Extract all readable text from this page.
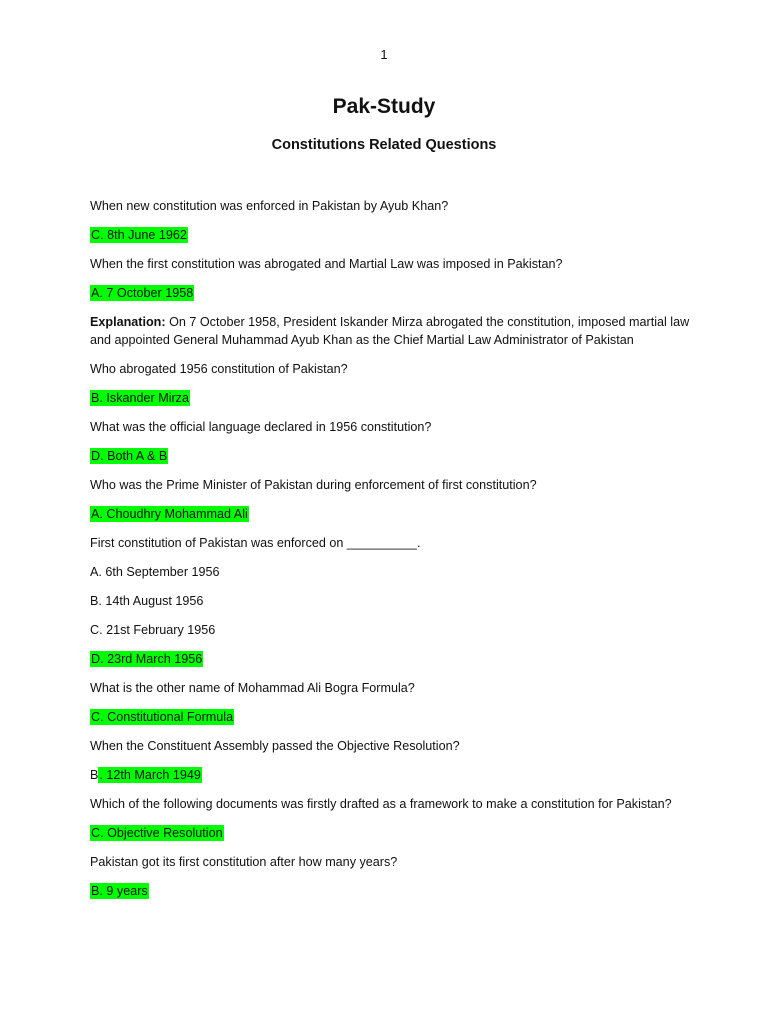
1
Pak-Study
Constitutions Related Questions

When new constitution was enforced in Pakistan by Ayub Khan?

C. 8th June 1962

When the first constitution was abrogated and Martial Law was imposed in Pakistan?

A. 7 October 1958

Explanation: On 7 October 1958, President Iskander Mirza abrogated the constitution, imposed martial law and appointed General Muhammad Ayub Khan as the Chief Martial Law Administrator of Pakistan

Who abrogated 1956 constitution of Pakistan?

B. Iskander Mirza

What was the official language declared in 1956 constitution?

D. Both A & B

Who was the Prime Minister of Pakistan during enforcement of first constitution?

A. Choudhry Mohammad Ali

First constitution of Pakistan was enforced on __________.

A. 6th September 1956

B. 14th August 1956

C. 21st February 1956

D. 23rd March 1956

What is the other name of Mohammad Ali Bogra Formula?

C. Constitutional Formula

When the Constituent Assembly passed the Objective Resolution?

B. 12th March 1949

Which of the following documents was firstly drafted as a framework to make a constitution for Pakistan?

C. Objective Resolution

Pakistan got its first constitution after how many years?

B. 9 years
